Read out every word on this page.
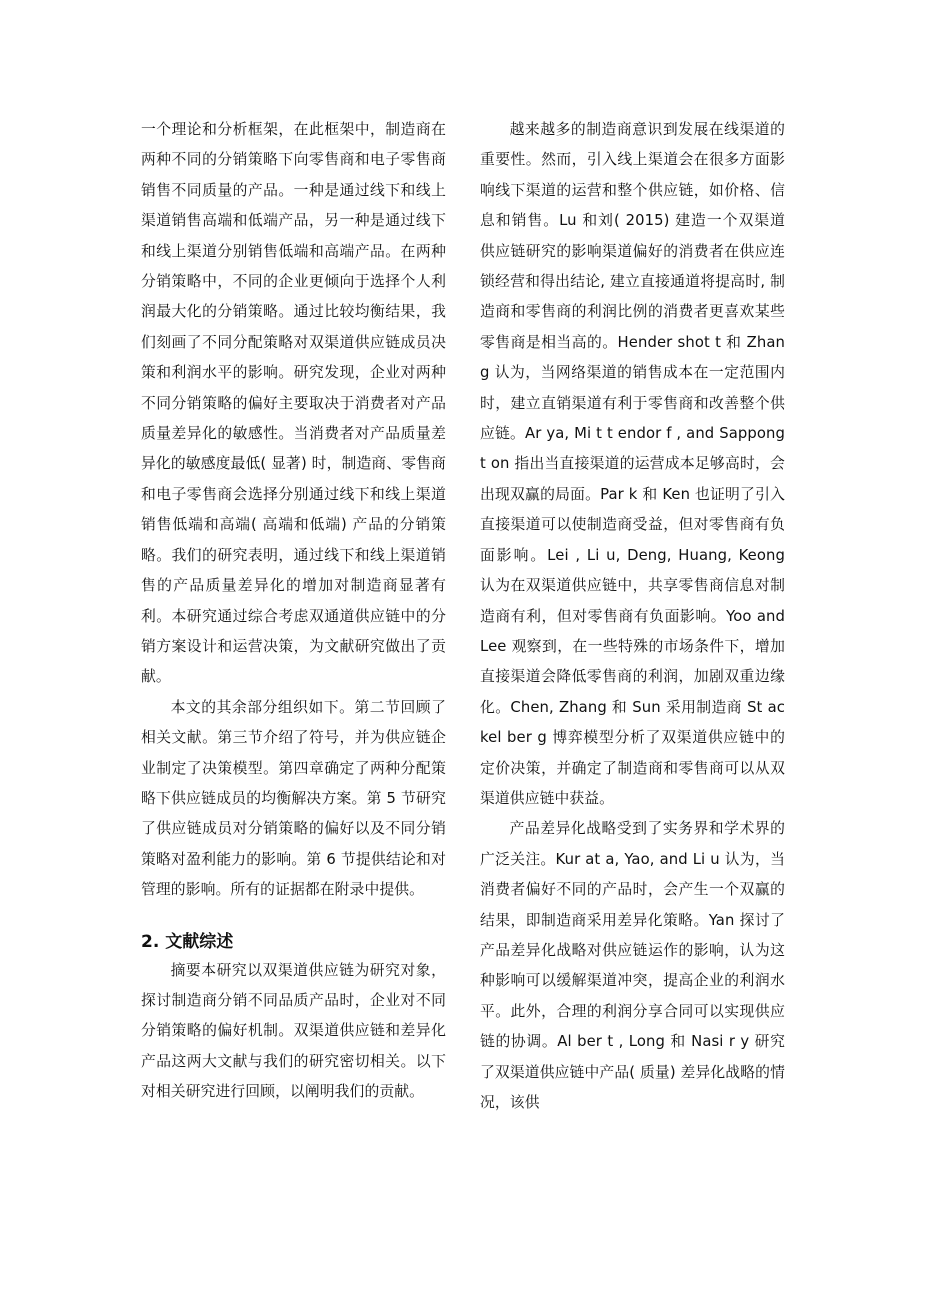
一个理论和分析框架，在此框架中，制造商在两种不同的分销策略下向零售商和电子零售商销售不同质量的产品。一种是通过线下和线上渠道销售高端和低端产品，另一种是通过线下和线上渠道分别销售低端和高端产品。在两种分销策略中，不同的企业更倾向于选择个人利润最大化的分销策略。通过比较均衡结果，我们刻画了不同分配策略对双渠道供应链成员决策和利润水平的影响。研究发现，企业对两种不同分销策略的偏好主要取决于消费者对产品质量差异化的敏感性。当消费者对产品质量差异化的敏感度最低( 显著) 时，制造商、零售商和电子零售商会选择分别通过线下和线上渠道销售低端和高端( 高端和低端) 产品的分销策略。我们的研究表明，通过线下和线上渠道销售的产品质量差异化的增加对制造商显著有利。本研究通过综合考虑双通道供应链中的分销方案设计和运营决策，为文献研究做出了贡献。

本文的其余部分组织如下。第二节回顾了相关文献。第三节介绍了符号，并为供应链企业制定了决策模型。第四章确定了两种分配策略下供应链成员的均衡解决方案。第 5 节研究了供应链成员对分销策略的偏好以及不同分销策略对盈利能力的影响。第 6 节提供结论和对管理的影响。所有的证据都在附录中提供。

2. 文献综述

摘要本研究以双渠道供应链为研究对象，探讨制造商分销不同品质产品时，企业对不同分销策略的偏好机制。双渠道供应链和差异化产品这两大文献与我们的研究密切相关。以下对相关研究进行回顾，以阐明我们的贡献。

越来越多的制造商意识到发展在线渠道的重要性。然而，引入线上渠道会在很多方面影响线下渠道的运营和整个供应链，如价格、信息和销售。Lu 和刘( 2015) 建造一个双渠道供应链研究的影响渠道偏好的消费者在供应连锁经营和得出结论, 建立直接通道将提高时, 制造商和零售商的利润比例的消费者更喜欢某些零售商是相当高的。Hender shot t 和 Zhang 认为，当网络渠道的销售成本在一定范围内时，建立直销渠道有利于零售商和改善整个供应链。Ar ya, Mi t t endor f , and Sappongt on 指出当直接渠道的运营成本足够高时，会出现双赢的局面。Par k 和 Ken 也证明了引入直接渠道可以使制造商受益，但对零售商有负面影响。Lei , Li u, Deng, Huang, Keong 认为在双渠道供应链中，共享零售商信息对制造商有利，但对零售商有负面影响。Yoo and Lee 观察到，在一些特殊的市场条件下，增加直接渠道会降低零售商的利润，加剧双重边缘化。Chen, Zhang 和 Sun 采用制造商 St ackel ber g 博弈模型分析了双渠道供应链中的定价决策，并确定了制造商和零售商可以从双渠道供应链中获益。

产品差异化战略受到了实务界和学术界的广泛关注。Kur at a, Yao, and Li u 认为，当消费者偏好不同的产品时，会产生一个双赢的结果，即制造商采用差异化策略。Yan 探讨了产品差异化战略对供应链运作的影响，认为这种影响可以缓解渠道冲突，提高企业的利润水平。此外，合理的利润分享合同可以实现供应链的协调。Al ber t , Long 和 Nasi r y 研究了双渠道供应链中产品( 质量) 差异化战略的情况，该供
